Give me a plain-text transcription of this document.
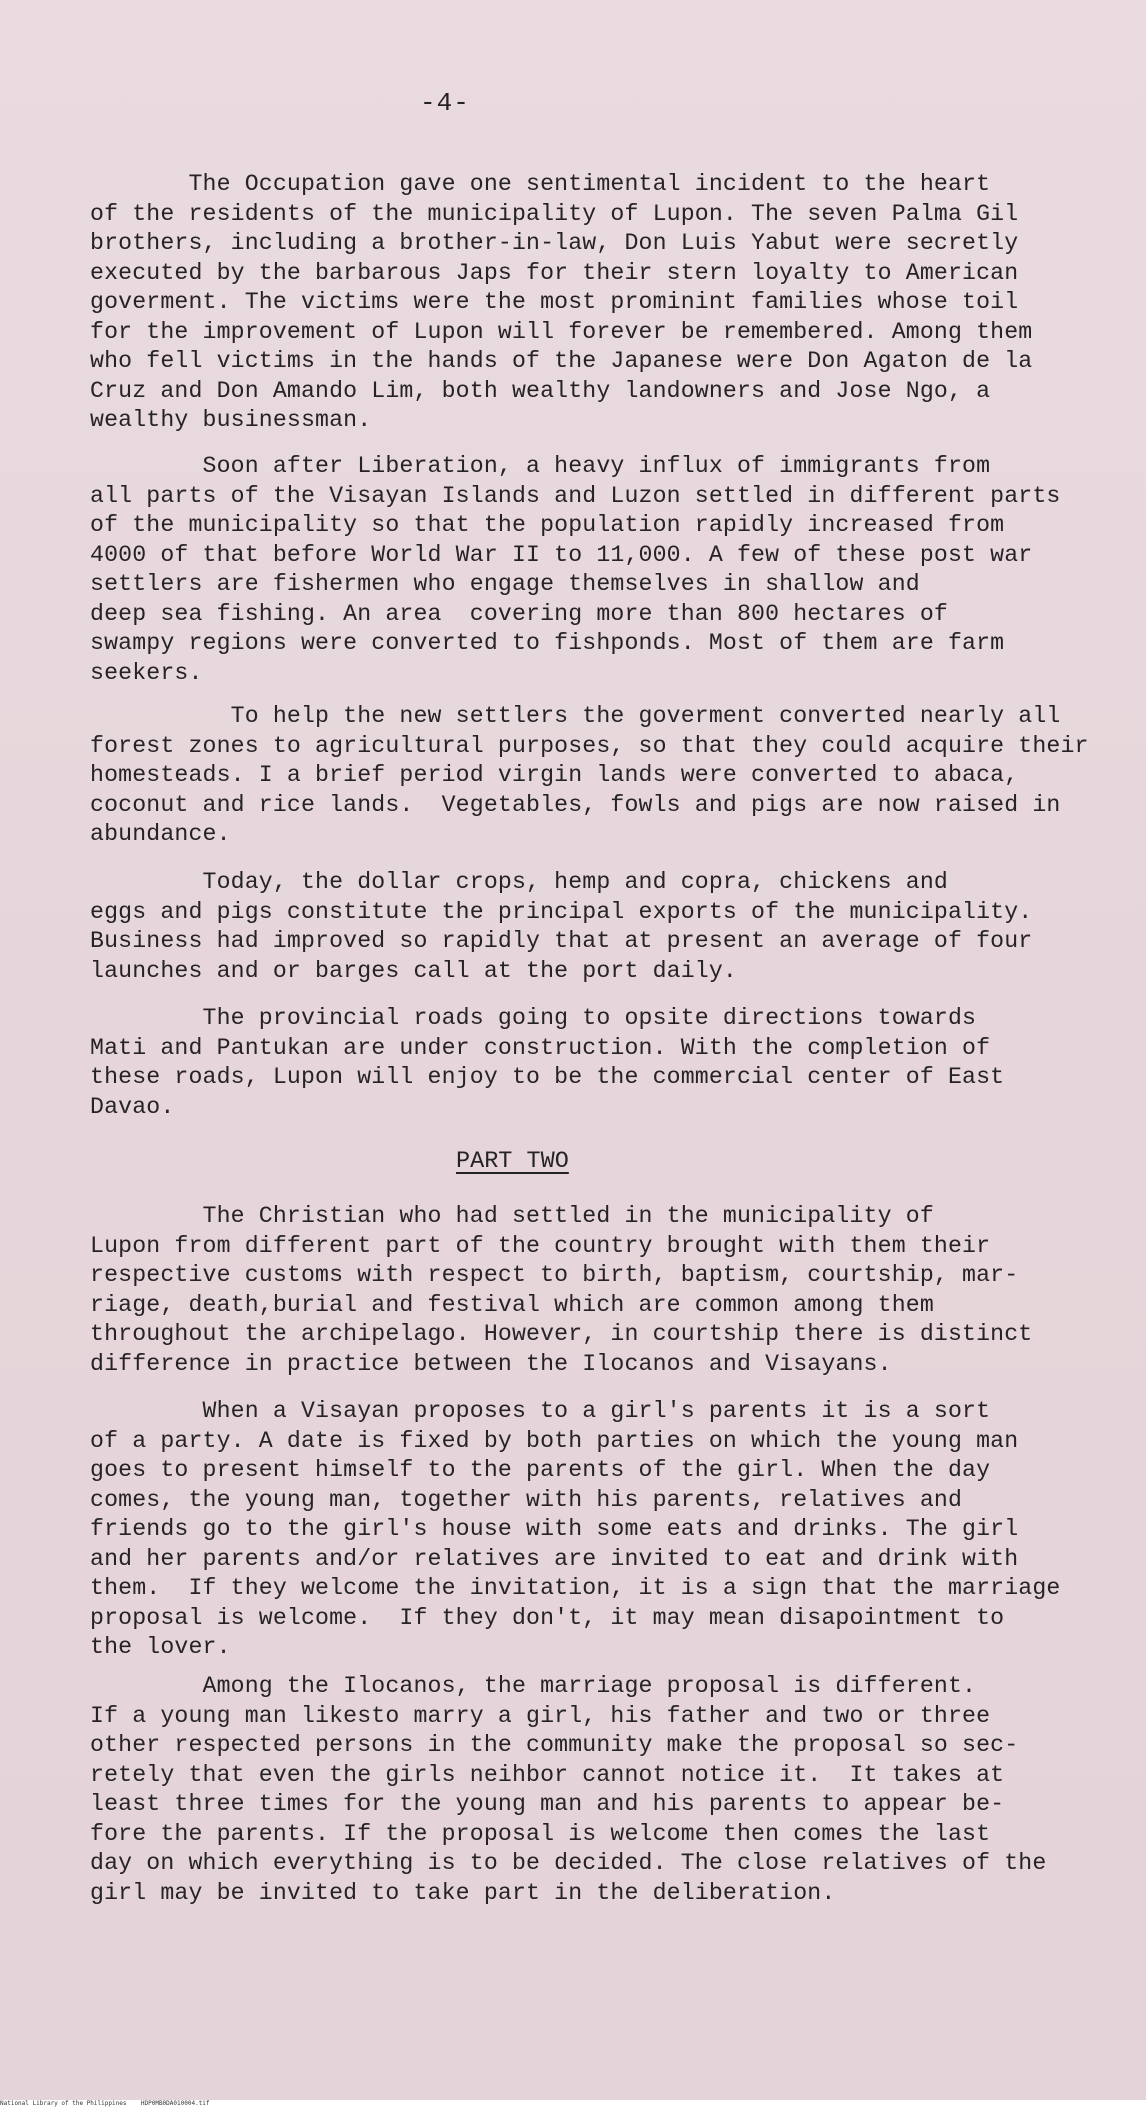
-4-
The Occupation gave one sentimental incident to the heart
of the residents of the municipality of Lupon. The seven Palma Gil
brothers, including a brother-in-law, Don Luis Yabut were secretly
executed by the barbarous Japs for their stern loyalty to American
goverment. The victims were the most prominint families whose toil
for the improvement of Lupon will forever be remembered. Among them
who fell victims in the hands of the Japanese were Don Agaton de la
Cruz and Don Amando Lim, both wealthy landowners and Jose Ngo, a
wealthy businessman.
Soon after Liberation, a heavy influx of immigrants from
all parts of the Visayan Islands and Luzon settled in different parts
of the municipality so that the population rapidly increased from
4000 of that before World War II to 11,000. A few of these post war
settlers are fishermen who engage themselves in shallow and
deep sea fishing. An area  covering more than 800 hectares of
swampy regions were converted to fishponds. Most of them are farm
seekers.
To help the new settlers the goverment converted nearly all
forest zones to agricultural purposes, so that they could acquire their
homesteads. I a brief period virgin lands were converted to abaca,
coconut and rice lands.  Vegetables, fowls and pigs are now raised in
abundance.
Today, the dollar crops, hemp and copra, chickens and
eggs and pigs constitute the principal exports of the municipality.
Business had improved so rapidly that at present an average of four
launches and or barges call at the port daily.
The provincial roads going to opsite directions towards
Mati and Pantukan are under construction. With the completion of
these roads, Lupon will enjoy to be the commercial center of East
Davao.
PART TWO
The Christian who had settled in the municipality of
Lupon from different part of the country brought with them their
respective customs with respect to birth, baptism, courtship, mar-
riage, death,burial and festival which are common among them
throughout the archipelago. However, in courtship there is distinct
difference in practice between the Ilocanos and Visayans.
When a Visayan proposes to a girl's parents it is a sort
of a party. A date is fixed by both parties on which the young man
goes to present himself to the parents of the girl. When the day
comes, the young man, together with his parents, relatives and
friends go to the girl's house with some eats and drinks. The girl
and her parents and/or relatives are invited to eat and drink with
them.  If they welcome the invitation, it is a sign that the marriage
proposal is welcome.  If they don't, it may mean disapointment to
the lover.
Among the Ilocanos, the marriage proposal is different.
If a young man likesto marry a girl, his father and two or three
other respected persons in the community make the proposal so sec-
retely that even the girls neihbor cannot notice it.  It takes at
least three times for the young man and his parents to appear be-
fore the parents. If the proposal is welcome then comes the last
day on which everything is to be decided. The close relatives of the
girl may be invited to take part in the deliberation.
National Library of the Philippines    HDP0MB0DA010004.tif
